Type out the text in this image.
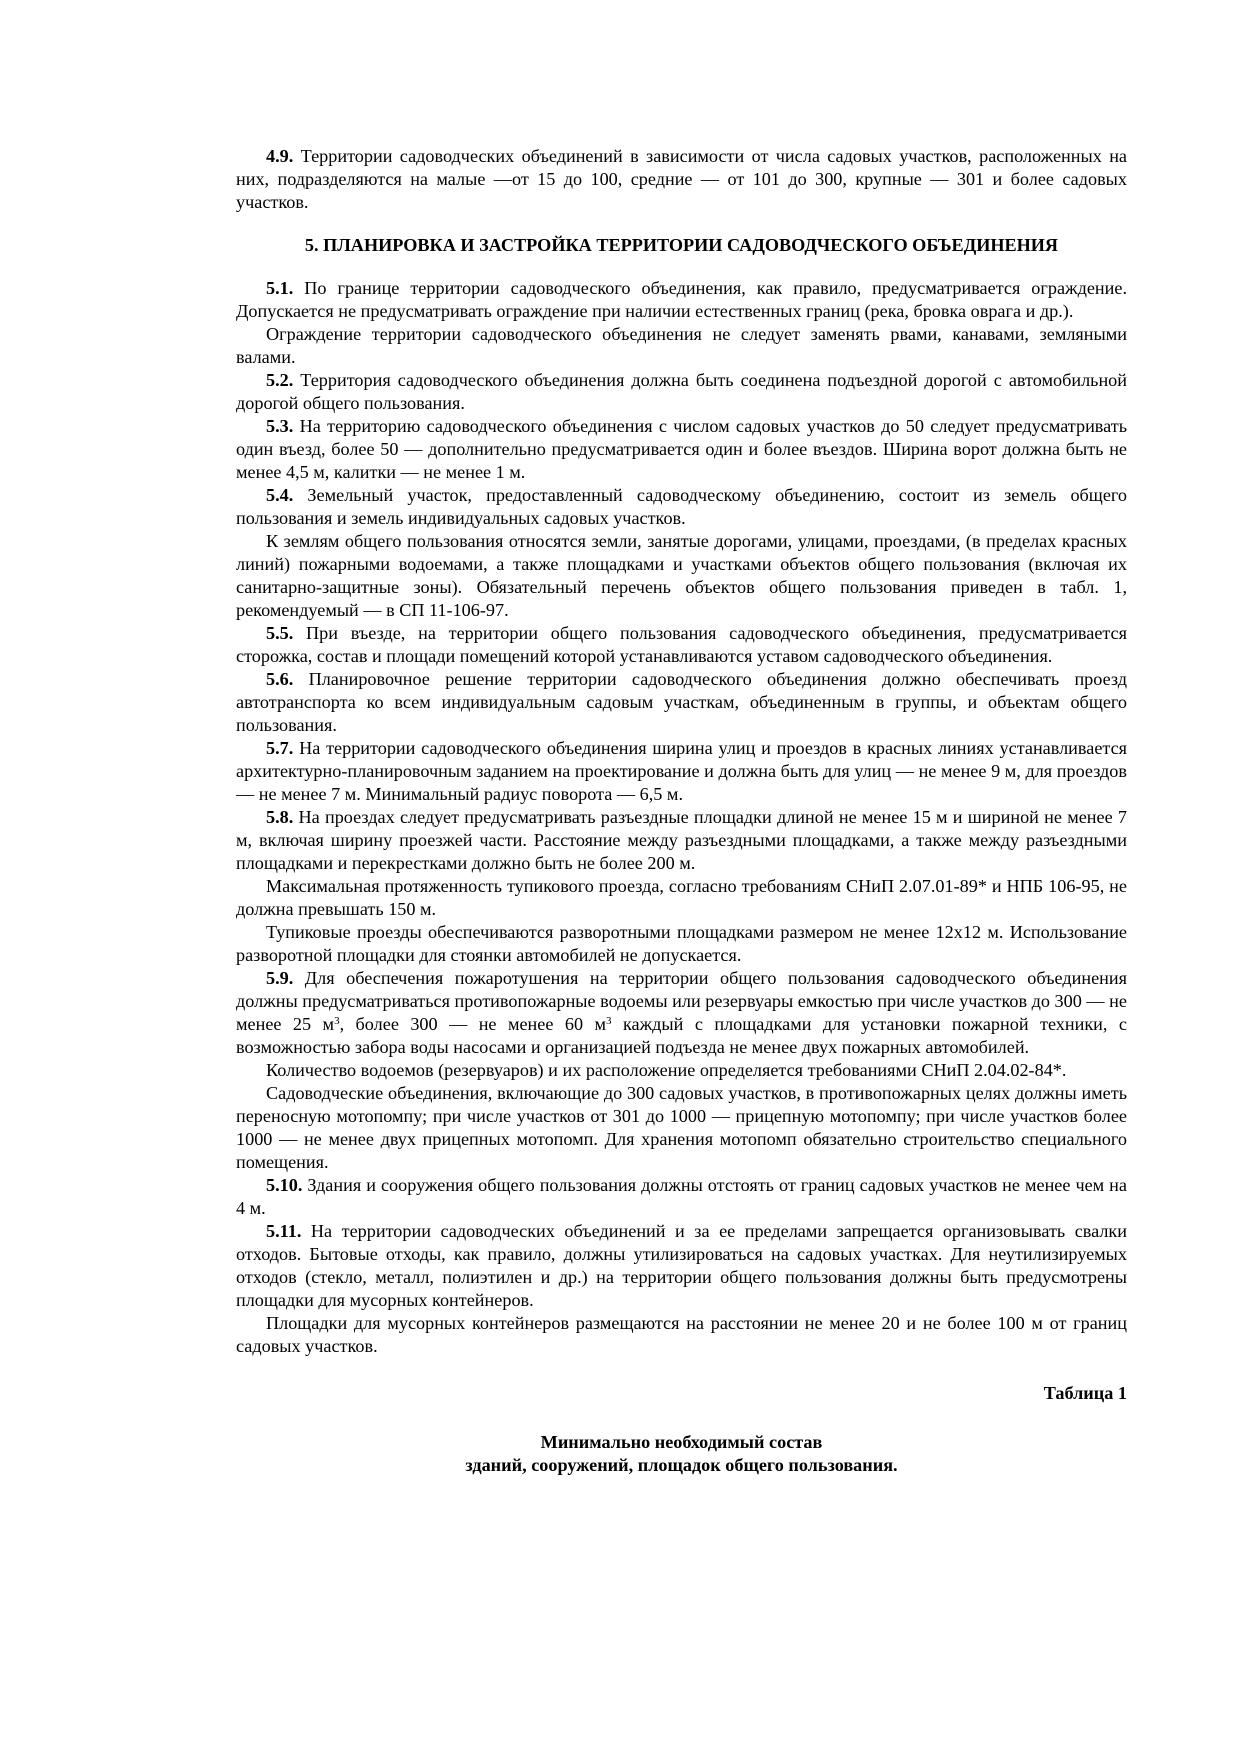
4.9. Территории садоводческих объединений в зависимости от числа садовых участков, расположенных на них, подразделяются на малые —от 15 до 100, средние — от 101 до 300, крупные — 301 и более садовых участков.

5. ПЛАНИРОВКА И ЗАСТРОЙКА ТЕРРИТОРИИ САДОВОДЧЕСКОГО ОБЪЕДИНЕНИЯ

5.1. По границе территории садоводческого объединения, как правило, предусматривается ограждение. Допускается не предусматривать ограждение при наличии естественных границ (река, бровка оврага и др.).

Ограждение территории садоводческого объединения не следует заменять рвами, канавами, земляными валами.

5.2. Территория садоводческого объединения должна быть соединена подъездной дорогой с автомобильной дорогой общего пользования.

5.3. На территорию садоводческого объединения с числом садовых участков до 50 следует предусматривать один въезд, более 50 — дополнительно предусматривается один и более въездов. Ширина ворот должна быть не менее 4,5 м, калитки — не менее 1 м.

5.4. Земельный участок, предоставленный садоводческому объединению, состоит из земель общего пользования и земель индивидуальных садовых участков.

К землям общего пользования относятся земли, занятые дорогами, улицами, проездами, (в пределах красных линий) пожарными водоемами, а также площадками и участками объектов общего пользования (включая их санитарно-защитные зоны). Обязательный перечень объектов общего пользования приведен в табл. 1, рекомендуемый — в СП 11-106-97.

5.5. При въезде, на территории общего пользования садоводческого объединения, предусматривается сторожка, состав и площади помещений которой устанавливаются уставом садоводческого объединения.

5.6. Планировочное решение территории садоводческого объединения должно обеспечивать проезд автотранспорта ко всем индивидуальным садовым участкам, объединенным в группы, и объектам общего пользования.

5.7. На территории садоводческого объединения ширина улиц и проездов в красных линиях устанавливается архитектурно-планировочным заданием на проектирование и должна быть для улиц — не менее 9 м, для проездов — не менее 7 м. Минимальный радиус поворота — 6,5 м.

5.8. На проездах следует предусматривать разъездные площадки длиной не менее 15 м и шириной не менее 7 м, включая ширину проезжей части. Расстояние между разъездными площадками, а также между разъездными площадками и перекрестками должно быть не более 200 м.

Максимальная протяженность тупикового проезда, согласно требованиям СНиП 2.07.01-89* и НПБ 106-95, не должна превышать 150 м.

Тупиковые проезды обеспечиваются разворотными площадками размером не менее 12х12 м. Использование разворотной площадки для стоянки автомобилей не допускается.

5.9. Для обеспечения пожаротушения на территории общего пользования садоводческого объединения должны предусматриваться противопожарные водоемы или резервуары емкостью при числе участков до 300 — не менее 25 $м^3$, более 300 — не менее 60 $м^3$ каждый с площадками для установки пожарной техники, с возможностью забора воды насосами и организацией подъезда не менее двух пожарных автомобилей.

Количество водоемов (резервуаров) и их расположение определяется требованиями СНиП 2.04.02-84*.

Садоводческие объединения, включающие до 300 садовых участков, в противопожарных целях должны иметь переносную мотопомпу; при числе участков от 301 до 1000 — прицепную мотопомпу; при числе участков более 1000 — не менее двух прицепных мотопомп. Для хранения мотопомп обязательно строительство специального помещения.

5.10. Здания и сооружения общего пользования должны отстоять от границ садовых участков не менее чем на 4 м.

5.11. На территории садоводческих объединений и за ее пределами запрещается организовывать свалки отходов. Бытовые отходы, как правило, должны утилизироваться на садовых участках. Для неутилизируемых отходов (стекло, металл, полиэтилен и др.) на территории общего пользования должны быть предусмотрены площадки для мусорных контейнеров.

Площадки для мусорных контейнеров размещаются на расстоянии не менее 20 и не более 100 м от границ садовых участков.

Таблица 1

Минимально необходимый состав

зданий, сооружений, площадок общего пользования.
